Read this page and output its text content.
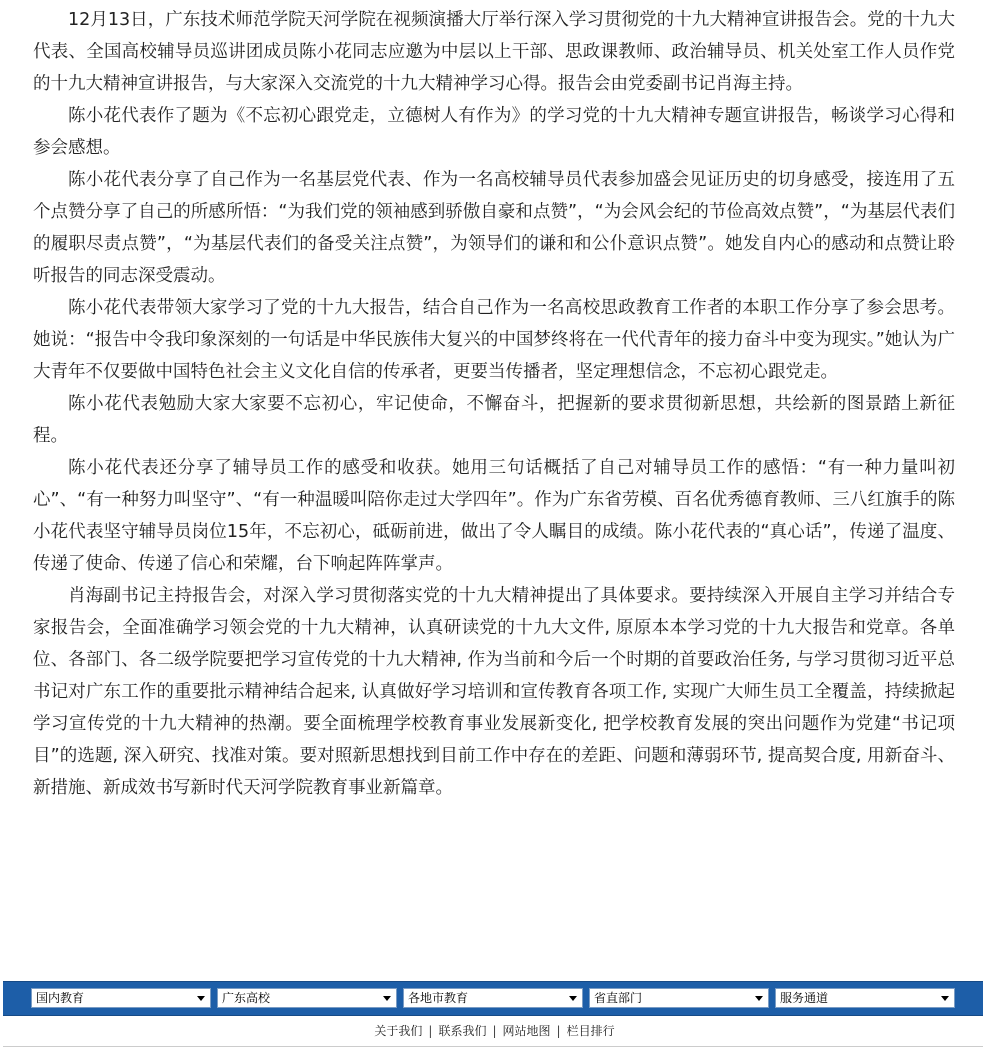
12月13日，广东技术师范学院天河学院在视频演播大厅举行深入学习贯彻党的十九大精神宣讲报告会。党的十九大代表、全国高校辅导员巡讲团成员陈小花同志应邀为中层以上干部、思政课教师、政治辅导员、机关处室工作人员作党的十九大精神宣讲报告，与大家深入交流党的十九大精神学习心得。报告会由党委副书记肖海主持。

陈小花代表作了题为《不忘初心跟党走，立德树人有作为》的学习党的十九大精神专题宣讲报告，畅谈学习心得和参会感想。

陈小花代表分享了自己作为一名基层党代表、作为一名高校辅导员代表参加盛会见证历史的切身感受，接连用了五个点赞分享了自己的所感所悟：“为我们党的领袖感到骄傲自豪和点赞”，“为会风会纪的节俭高效点赞”，“为基层代表们的履职尽责点赞”，“为基层代表们的备受关注点赞”，为领导们的谦和和公仆意识点赞”。她发自内心的感动和点赞让聆听报告的同志深受震动。

陈小花代表带领大家学习了党的十九大报告，结合自己作为一名高校思政教育工作者的本职工作分享了参会思考。她说：“报告中令我印象深刻的一句话是中华民族伟大复兴的中国梦终将在一代代青年的接力奋斗中变为现实。”她认为广大青年不仅要做中国特色社会主义文化自信的传承者，更要当传播者，坚定理想信念，不忘初心跟党走。

陈小花代表勉励大家大家要不忘初心，牢记使命，不懈奋斗，把握新的要求贯彻新思想，共绘新的图景踏上新征程。

陈小花代表还分享了辅导员工作的感受和收获。她用三句话概括了自己对辅导员工作的感悟：“有一种力量叫初心”、“有一种努力叫坚守”、“有一种温暖叫陪你走过大学四年”。作为广东省劳模、百名优秀德育教师、三八红旗手的陈小花代表坚守辅导员岗位15年，不忘初心，砥砺前进，做出了令人瞩目的成绩。陈小花代表的“真心话”，传递了温度、传递了使命、传递了信心和荣耀，台下响起阵阵掌声。

肖海副书记主持报告会，对深入学习贯彻落实党的十九大精神提出了具体要求。要持续深入开展自主学习并结合专家报告会，全面准确学习领会党的十九大精神，认真研读党的十九大文件, 原原本本学习党的十九大报告和党章。各单位、各部门、各二级学院要把学习宣传党的十九大精神, 作为当前和今后一个时期的首要政治任务, 与学习贯彻习近平总书记对广东工作的重要批示精神结合起来, 认真做好学习培训和宣传教育各项工作, 实现广大师生员工全覆盖，持续掀起学习宣传党的十九大精神的热潮。要全面梳理学校教育事业发展新变化, 把学校教育发展的突出问题作为党建“书记项目”的选题, 深入研究、找准对策。要对照新思想找到目前工作中存在的差距、问题和薄弱环节, 提高契合度, 用新奋斗、新措施、新成效书写新时代天河学院教育事业新篇章。

国内教育	广东高校	各地市教育	省直部门	服务通道
关于我们 | 联系我们 | 网站地图 | 栏目排行
